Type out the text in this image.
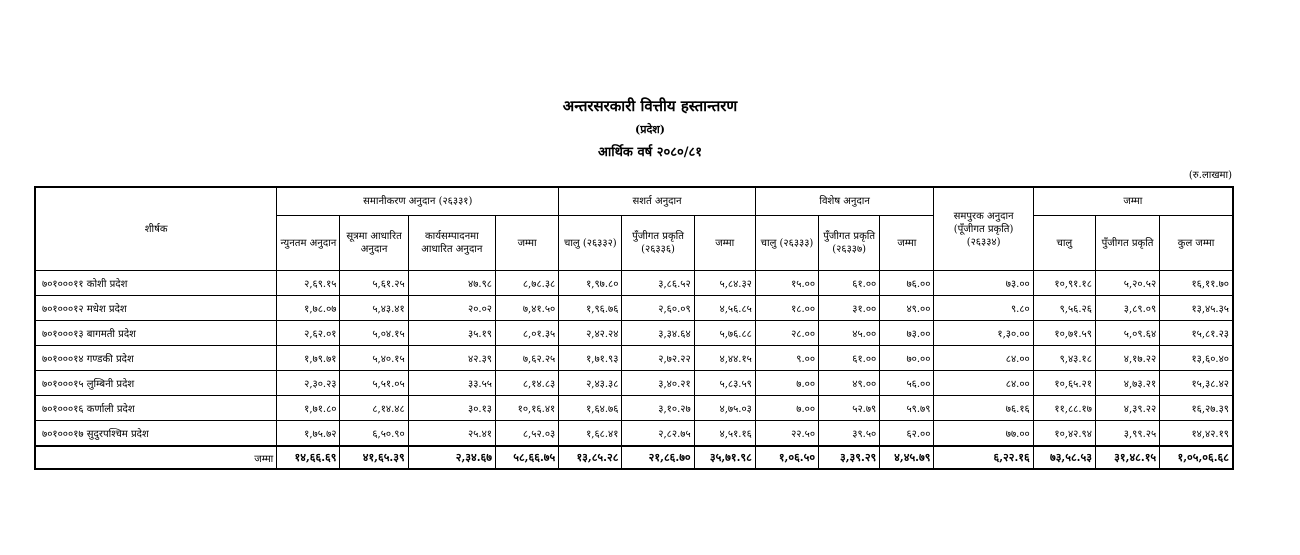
अन्तरसरकारी वित्तीय हस्तान्तरण
(प्रदेश)
आर्थिक वर्ष २०८०/८१
(रु.लाखमा)
शीर्षक	समानीकरण अनुदान (२६३३१)				सशर्त अनुदान			विशेष अनुदान			समपुरक अनुदान (पूँजीगत प्रकृति) (२६३३४)	जम्मा		
	न्युनतम अनुदान	सूत्रमा आधारित अनुदान	कार्यसम्पादनमा आधारित अनुदान	जम्मा	चालु (२६३३२)	पुँजीगत प्रकृति (२६३३६)	जम्मा	चालु (२६३३३)	पुँजीगत प्रकृति (२६३३७)	जम्मा		चालु	पुँजीगत प्रकृति	कुल जम्मा
७०१०००११ कोशी प्रदेश	२,६९.१५	५,६१.२५	४७.९८	८,७८.३८	१,९७.८०	३,८६.५२	५,८४.३२	१५.००	६१.००	७६.००	७३.००	१०,९१.१८	५,२०.५२	१६,११.७०
७०१०००१२ मधेश प्रदेश	१,७८.०७	५,४३.४१	२०.०२	७,४१.५०	१,९६.७६	२,६०.०९	४,५६.८५	१८.००	३१.००	४९.००	९.८०	९,५६.२६	३,८९.०९	१३,४५.३५
७०१०००१३ बागमती प्रदेश	२,६२.०१	५,०४.१५	३५.१९	८,०१.३५	२,४२.२४	३,३४.६४	५,७६.८८	२८.००	४५.००	७३.००	१,३०.००	१०,७१.५९	५,०९.६४	१५,८१.२३
७०१०००१४ गण्डकी प्रदेश	१,७९.७१	५,४०.१५	४२.३९	७,६२.२५	१,७१.९३	२,७२.२२	४,४४.१५	९.००	६१.००	७०.००	८४.००	९,४३.१८	४,१७.२२	१३,६०.४०
७०१०००१५ लुम्बिनी प्रदेश	२,३०.२३	५,५१.०५	३३.५५	८,१४.८३	२,४३.३८	३,४०.२१	५,८३.५९	७.००	४९.००	५६.००	८४.००	१०,६५.२१	४,७३.२१	१५,३८.४२
७०१०००१६ कर्णाली प्रदेश	१,७१.८०	८,१४.४८	३०.१३	१०,१६.४१	१,६४.७६	३,१०.२७	४,७५.०३	७.००	५२.७९	५९.७९	७६.१६	११,८८.१७	४,३९.२२	१६,२७.३९
७०१०००१७ सुदुरपश्चिम प्रदेश	१,७५.७२	६,५०.९०	२५.४१	८,५२.०३	१,६८.४१	२,८२.७५	४,५१.१६	२२.५०	३९.५०	६२.००	७७.००	१०,४२.९४	३,९९.२५	१४,४२.१९
जम्मा	१४,६६.६९	४१,६५.३९	२,३४.६७	५८,६६.७५	१३,८५.२८	२१,८६.७०	३५,७१.९८	१,०६.५०	३,३९.२९	४,४५.७९	६,२२.१६	७३,५८.५३	३१,४८.१५	१,०५,०६.६८
